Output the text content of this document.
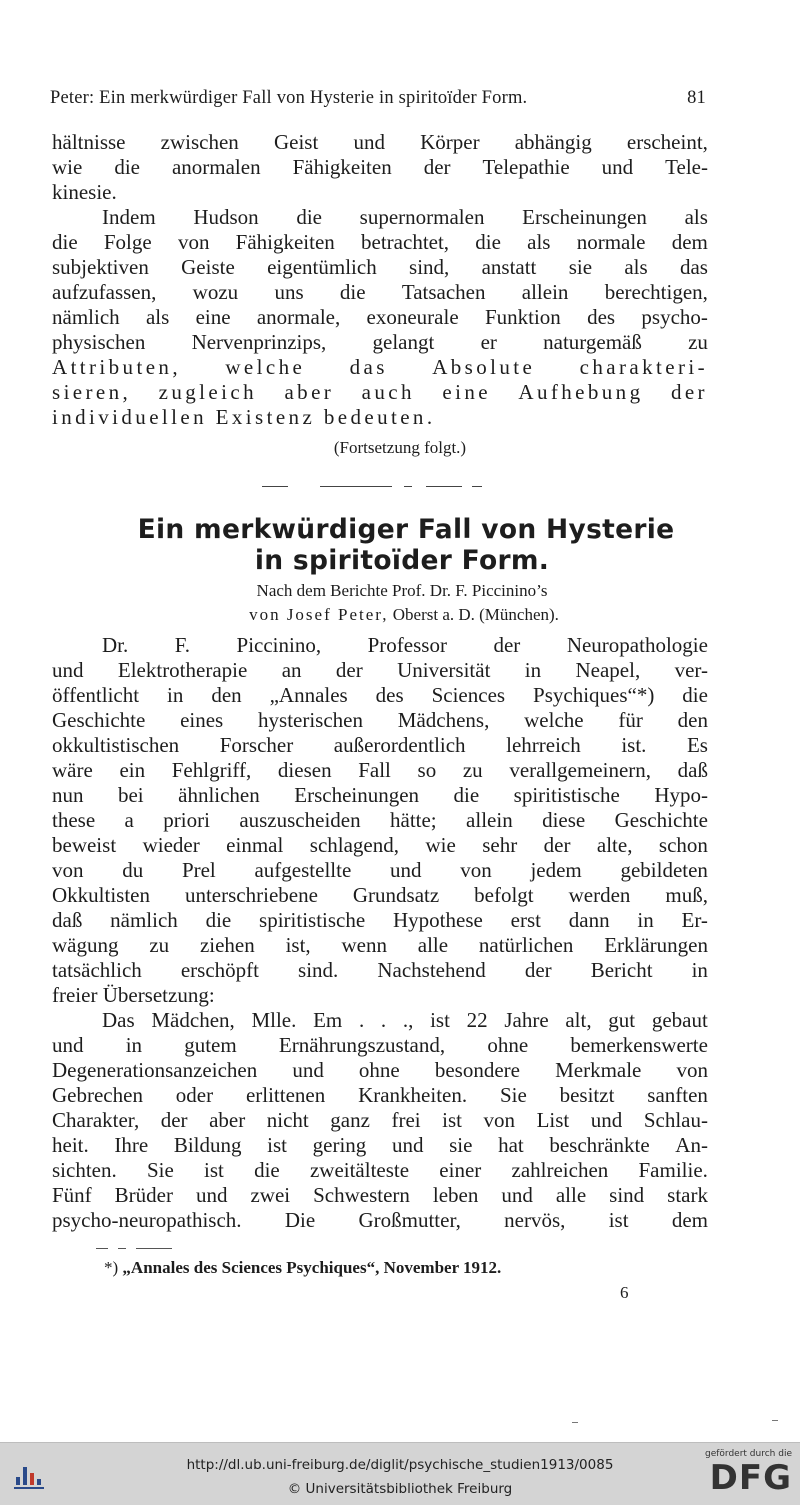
Peter: Ein merkwürdiger Fall von Hysterie in spiritoïder Form.	81
hältnisse zwischen Geist und Körper abhängig erscheint,
wie die anormalen Fähigkeiten der Telepathie und Tele-
kinesie.
Indem Hudson die supernormalen Erscheinungen als
die Folge von Fähigkeiten betrachtet, die als normale dem
subjektiven Geiste eigentümlich sind, anstatt sie als das
aufzufassen, wozu uns die Tatsachen allein berechtigen,
nämlich als eine anormale, exoneurale Funktion des psycho-
physischen Nervenprinzips, gelangt er naturgemäß zu
Attributen, welche das Absolute charakteri-
sieren, zugleich aber auch eine Aufhebung der
individuellen Existenz bedeuten.
(Fortsetzung folgt.)
Ein merkwürdiger Fall von Hysterie
in spiritoïder Form.
Nach dem Berichte Prof. Dr. F. Piccinino’s
von Josef Peter, Oberst a. D. (München).
Dr. F. Piccinino, Professor der Neuropathologie
und Elektrotherapie an der Universität in Neapel, ver-
öffentlicht in den „Annales des Sciences Psychiques“*) die
Geschichte eines hysterischen Mädchens, welche für den
okkultistischen Forscher außerordentlich lehrreich ist. Es
wäre ein Fehlgriff, diesen Fall so zu verallgemeinern, daß
nun bei ähnlichen Erscheinungen die spiritistische Hypo-
these a priori auszuscheiden hätte; allein diese Geschichte
beweist wieder einmal schlagend, wie sehr der alte, schon
von du Prel aufgestellte und von jedem gebildeten
Okkultisten unterschriebene Grundsatz befolgt werden muß,
daß nämlich die spiritistische Hypothese erst dann in Er-
wägung zu ziehen ist, wenn alle natürlichen Erklärungen
tatsächlich erschöpft sind. Nachstehend der Bericht in
freier Übersetzung:
Das Mädchen, Mlle. Em . . ., ist 22 Jahre alt, gut gebaut
und in gutem Ernährungszustand, ohne bemerkenswerte
Degenerationsanzeichen und ohne besondere Merkmale von
Gebrechen oder erlittenen Krankheiten. Sie besitzt sanften
Charakter, der aber nicht ganz frei ist von List und Schlau-
heit. Ihre Bildung ist gering und sie hat beschränkte An-
sichten. Sie ist die zweitälteste einer zahlreichen Familie.
Fünf Brüder und zwei Schwestern leben und alle sind stark
psycho-neuropathisch. Die Großmutter, nervös, ist dem
*) „Annales des Sciences Psychiques“, November 1912.
6
http://dl.ub.uni-freiburg.de/diglit/psychische_studien1913/0085
© Universitätsbibliothek Freiburg
gefördert durch die
DFG
